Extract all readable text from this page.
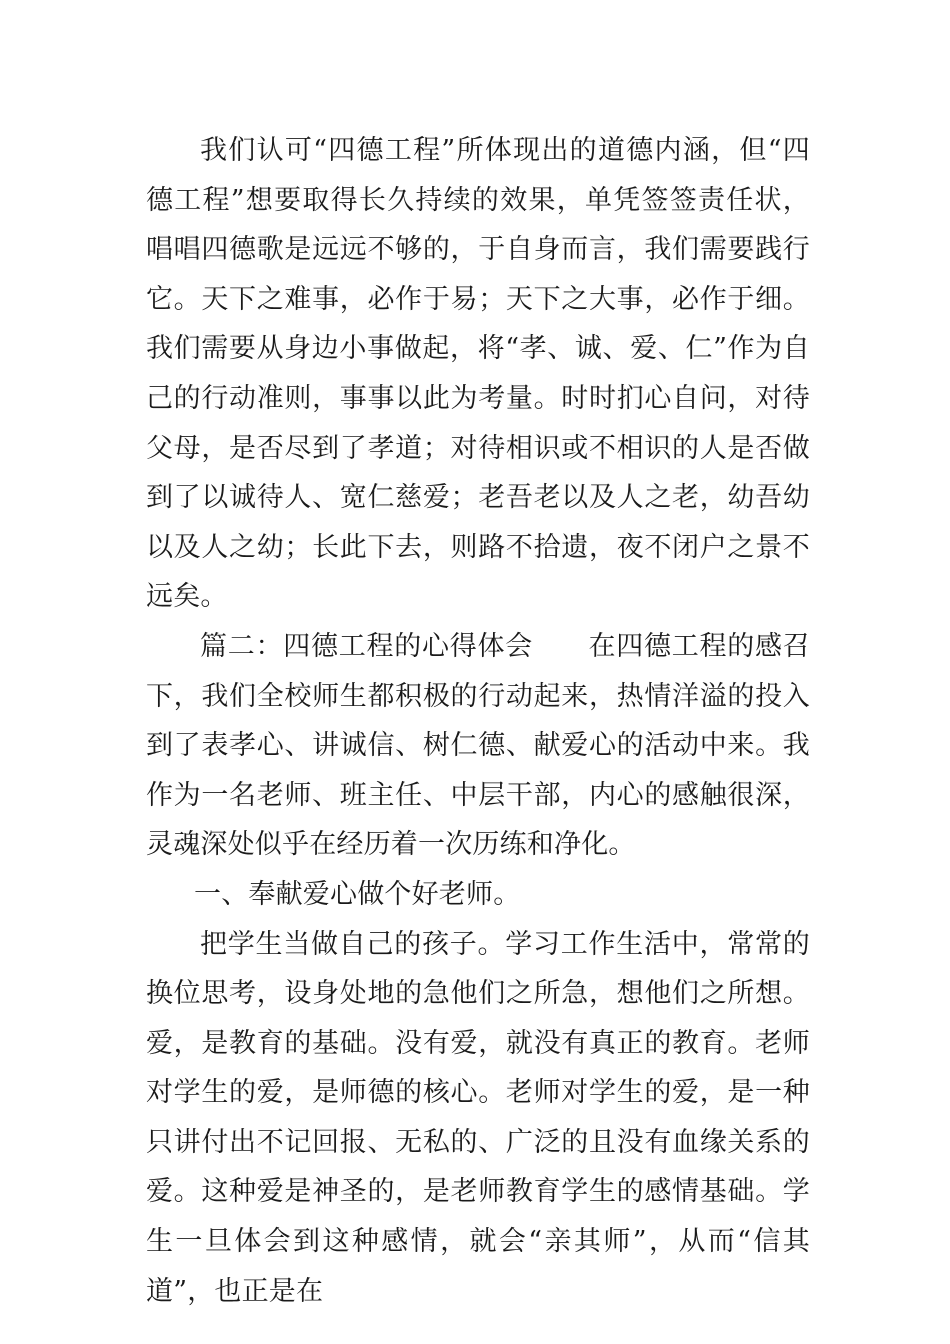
我们认可“四德工程”所体现出的道德内涵，但“四德工程”想要取得长久持续的效果，单凭签签责任状，唱唱四德歌是远远不够的，于自身而言，我们需要践行它。天下之难事，必作于易；天下之大事，必作于细。我们需要从身边小事做起，将“孝、诚、爱、仁”作为自己的行动准则，事事以此为考量。时时扪心自问，对待父母，是否尽到了孝道；对待相识或不相识的人是否做到了以诚待人、宽仁慈爱；老吾老以及人之老，幼吾幼以及人之幼；长此下去，则路不拾遗，夜不闭户之景不远矣。

篇二：四德工程的心得体会　　在四德工程的感召下，我们全校师生都积极的行动起来，热情洋溢的投入到了表孝心、讲诚信、树仁德、献爱心的活动中来。我作为一名老师、班主任、中层干部，内心的感触很深，灵魂深处似乎在经历着一次历练和净化。

一、奉献爱心做个好老师。

把学生当做自己的孩子。学习工作生活中，常常的换位思考，设身处地的急他们之所急，想他们之所想。爱，是教育的基础。没有爱，就没有真正的教育。老师对学生的爱，是师德的核心。老师对学生的爱，是一种只讲付出不记回报、无私的、广泛的且没有血缘关系的爱。这种爱是神圣的，是老师教育学生的感情基础。学生一旦体会到这种感情，就会“亲其师”，从而“信其道”，也正是在
